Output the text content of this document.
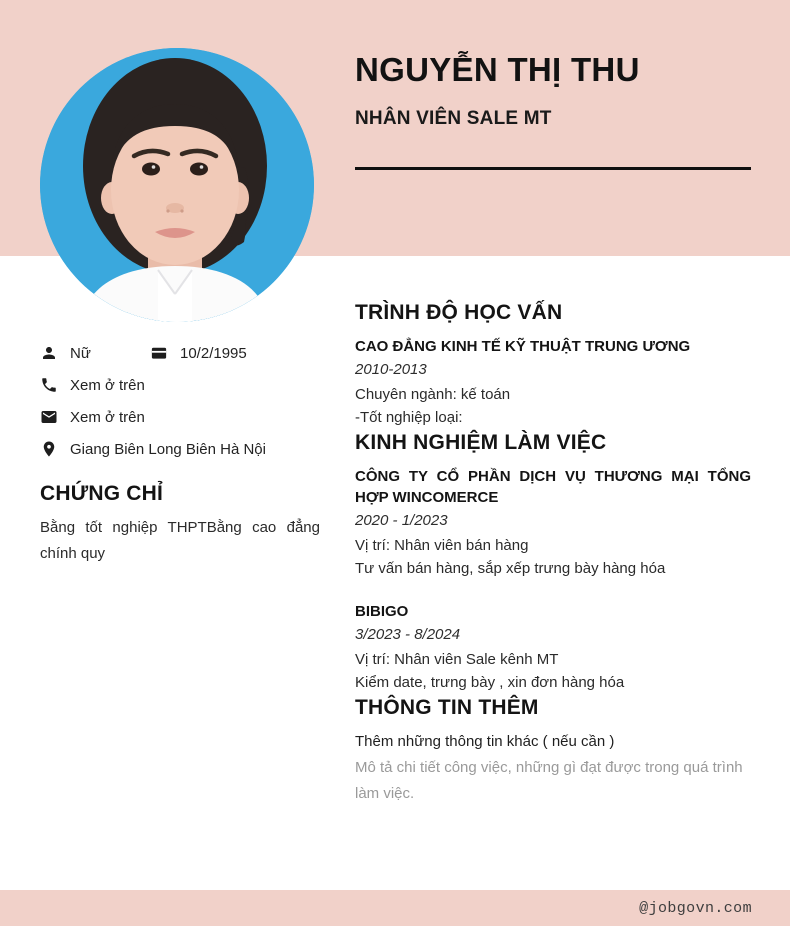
NGUYỄN THỊ THU
NHÂN VIÊN SALE MT
Nữ	10/2/1995
Xem ở trên
Xem ở trên
Giang Biên Long Biên Hà Nội
CHỨNG CHỈ

Bằng tốt nghiệp THPTBằng cao đẳng chính quy

TRÌNH ĐỘ HỌC VẤN
CAO ĐẲNG KINH TẾ KỸ THUẬT TRUNG ƯƠNG
2010-2013
Chuyên ngành: kế toán
-Tốt nghiệp loại:
KINH NGHIỆM LÀM VIỆC
CÔNG TY CỔ PHẦN DỊCH VỤ THƯƠNG MẠI TỔNG HỢP WINCOMERCE
2020 - 1/2023
Vị trí: Nhân viên bán hàng
Tư vấn bán hàng, sắp xếp trưng bày hàng hóa
BIBIGO
3/2023 - 8/2024
Vị trí: Nhân viên Sale kênh MT
Kiểm date, trưng bày , xin đơn hàng hóa
THÔNG TIN THÊM

Thêm những thông tin khác ( nếu cần )

Mô tả chi tiết công việc, những gì đạt được trong quá trình làm việc.

@jobgovn.com
